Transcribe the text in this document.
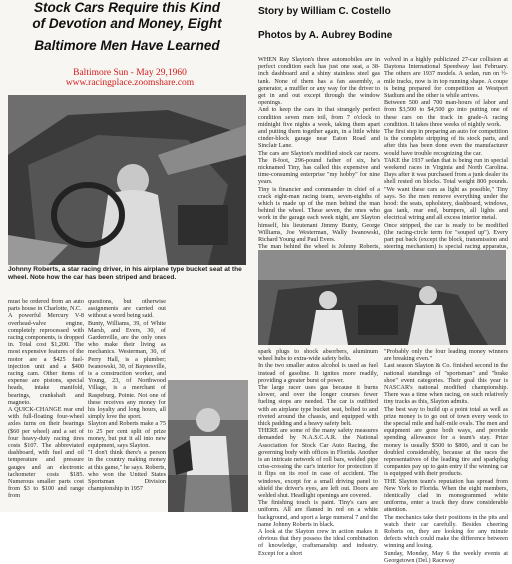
Stock Cars Require this Kind
of Devotion and Money, Eight
Baltimore Men Have Learned
Baltimore Sun - May 29,1960
www.racingplace.zoomshare.com
Story by William C. Costello
Photos by A. Aubrey Bodine
Johnny Roberts, a star racing driver, in his airplane type bucket seat at the wheel. Note how the car has been striped and braced.
WHEN Ray Slayton's three automobiles are in perfect condition each has just one seat, a 38-inch dashboard and a shiny stainless steel gas tank. None of them has a fan assembly, a generator, a muffler or any way for the driver to get in and out except through the window openings.
And to keep the cars in that strangely perfect condition seven men toil, from 7 o'clock to midnight five nights a week, taking them apart and putting them together again, in a little white cinder-block garage near Eaton Road and Sinclair Lane.
The cars are Slayton's modified stock car racers. The 8-foot, 296-pound father of six, he's nicknamed Tiny, has called this expensive and time-consuming enterprise "my hobby" for nine years.
Tiny is financier and commander in chief of a crack eight-man racing team, seven-eighths of which is made up of the men behind the man behind the wheel. These seven, the ones who work in the garage each week night, are Slayton himself, his lieutenant Jimmy Bunty, George Williams, Joe Westerman, Wally Iwanowski, Richard Young and Paul Evers.
The man behind the wheel is Johnny Roberts,

volved in a highly publicized 27-car collision at Daytona International Speedway last February. The others are 1937 models. A sedan, run on ½-mile tracks, now is in top running shape. A coupe is being prepared for competition at Westport Stadium and the other is while arrives.
Between 500 and 700 man-hours of labor and from $3,500 to $4,500 go into putting one of these cars on the track in grade-A racing condition. It takes three weeks of nightly work.
The first step in preparing an auto for competition is the complete stripping of its stock parts, and after this has been done even the manufacturer would have trouble recognizing the car.
TAKE the 1937 sedan that is being run in special weekend races in Virginia and North Carolina. Days after it was purchased from a junk dealer its shell rested on blocks. Total weight 800 pounds. "We want these cars as light as possible," Tiny says. So the men remove everything under the hood: the seats, upholstery, dashboard, windows, gas tank, rear end, bumpers, all lights and electrical wiring and all excess interior metal.
Once stripped, the car is ready to be modified (the racing-circle term for "souped up"). Every part put back (except the block, transmission and steering mechanism) is special racing apparatus,
must be ordered from an auto parts house in Charlotte, N.C.
A powerful Mercury V-8 overhead-valve engine, completely reprocessed with racing components, is dropped in. Total cost $1,200. The most expensive features of the motor are a $425 fuel-injection unit and a $400 racing cam. Other items of expense are pistons, special heads, intake manifold, bearings, crankshaft and magneto.
A QUICK-CHANGE rear end with full-floating four-wheel axles turns on their bearings ($60 per wheel) and a set of four heavy-duty racing tires costs $107. The abbreviated dashboard, with fuel and oil temperature and pressure gauges and an electronic tachometer costs $185. Numerous smaller parts cost from $3 to $100 and range from
questions, but otherwise assignments are carried out without a word being said.
Bunty, Williams, 39, of White Marsh, and Evers, 30, of Gardenville, are the only ones who make their living as mechanics. Westerman, 30, of Perry Hall, is a plumber; Iwanowski, 30, of Baynesville, is a construction worker, and Young, 23, of Northwood Village, is a merchant of Raspeburg. Pointe. Not one of these receives any money for his loyalty and long hours, all simply love the sport.
Slayton and Roberts make a 75 to 25 per cent split of prize money, but put it all into new equipment, says Slayton.
"I don't think there's a person in the country making money at this game," he says. Roberts, who won the United States Sportsman Division championship in 1957
spark plugs to shock absorbers, aluminum wheel hubs to extra-wide safety belts.
In the two smaller autos alcohol is used as fuel instead of gasoline. It ignites more readily, providing a greater burst of power.
The large racer uses gas because it burns slower, and over the longer courses fewer fueling stops are needed. The car is outfitted with an airplane type bucket seat, bolted to and riveted around the chassis, and equipped with thick padding and a heavy safety belt.
THERE are some of the many safety measures demanded by N.A.S.C.A.R. the National Association for Stock Car Auto Racing, the governing body with offices in Florida. Another is an intricate network of roll bars, welded pipe criss-crossing the car's interior for protection if it flips on its roof in case of accident. The windows, except for a small driving panel to shield the driver's eyes, are left out. Doors are welded shut. Headlight openings are covered.
The finishing touch is paint. Tiny's cars are uniform. All are flamed in red on a white background, and sport a large numeral 7 and the name Johnny Roberts in black.
A look at the Slayton crew in action makes it obvious that they possess the ideal combination of knowledge, craftsmanship and industry. Except for a short
"Probably only the four leading money winners are breaking even."
Last season Slayton & Co. finished second in the national standings of "sportsman" and "brake shoe" event categories. Their goal this year is NASCAR's national modified championship. There was a time when racing, on such relatively tiny tracks as this, Slayton admits.
The best way to build up a point total as well as prize money is to go out of town every week to the special mile and half-mile ovals. The men and equipment are gone both ways, and provide spending allowance for a team's stay. Prize money is usually $500 to $800, and it can be doubled considerably, because at the races the representatives of the leading tire and sparkplug companies pay up to gain entry if the winning car is equipped with their products.
THE Slayton team's reputation has spread from New York to Florida. When the eight members, identically clad in monogrammed white uniforms, enter a track they draw considerable attention.
The mechanics take their positions in the pits and watch their car carefully. Besides cheering Roberts on, they are looking for any minute defects which could make the difference between winning and losing.
Sunday, Monday, May 6 the weekly events at Georgetown (Del.) Raceway
